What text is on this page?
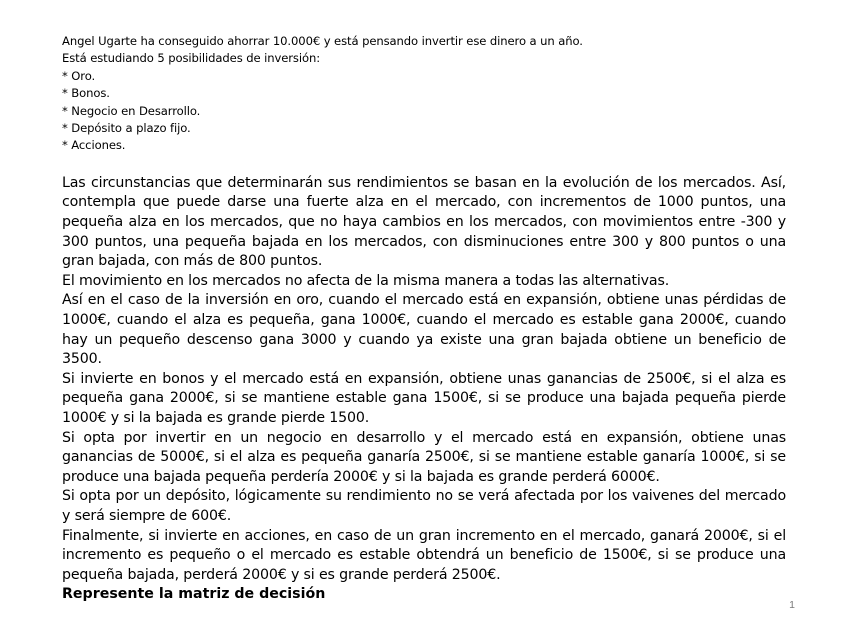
Angel Ugarte ha conseguido ahorrar 10.000€ y está pensando invertir ese dinero a un año.
Está estudiando 5 posibilidades de inversión:
* Oro.
* Bonos.
* Negocio en Desarrollo.
* Depósito a plazo fijo.
* Acciones.

Las circunstancias que determinarán sus rendimientos se basan en la evolución de los mercados. Así, contempla que puede darse una fuerte alza en el mercado, con incrementos de 1000 puntos, una pequeña alza en los mercados, que no haya cambios en los mercados, con movimientos entre -300 y 300 puntos, una pequeña bajada en los mercados, con disminuciones entre 300 y 800 puntos o una gran bajada, con más de 800 puntos.

El movimiento en los mercados no afecta de la misma manera a todas las alternativas.

Así en el caso de la inversión en oro, cuando el mercado está en expansión, obtiene unas pérdidas de 1000€, cuando el alza es pequeña, gana 1000€, cuando el mercado es estable gana 2000€, cuando hay un pequeño descenso gana 3000 y cuando ya existe una gran bajada obtiene un beneficio de 3500.

Si invierte en bonos y el mercado está en expansión, obtiene unas ganancias de 2500€, si el alza es pequeña gana 2000€, si se mantiene estable gana 1500€, si se produce una bajada pequeña pierde 1000€ y si la bajada es grande pierde 1500.

Si opta por invertir en un negocio en desarrollo y el mercado está en expansión, obtiene unas ganancias de 5000€, si el alza es pequeña ganaría 2500€, si se mantiene estable ganaría 1000€, si se produce una bajada pequeña perdería 2000€ y si la bajada es grande perderá 6000€.

Si opta por un depósito, lógicamente su rendimiento no se verá afectada por los vaivenes del mercado y será siempre de 600€.

Finalmente, si invierte en acciones, en caso de un gran incremento en el mercado, ganará 2000€, si el incremento es pequeño o el mercado es estable obtendrá un beneficio de 1500€, si se produce una pequeña bajada, perderá 2000€ y si es grande perderá 2500€.

Represente la matriz de decisión
1
